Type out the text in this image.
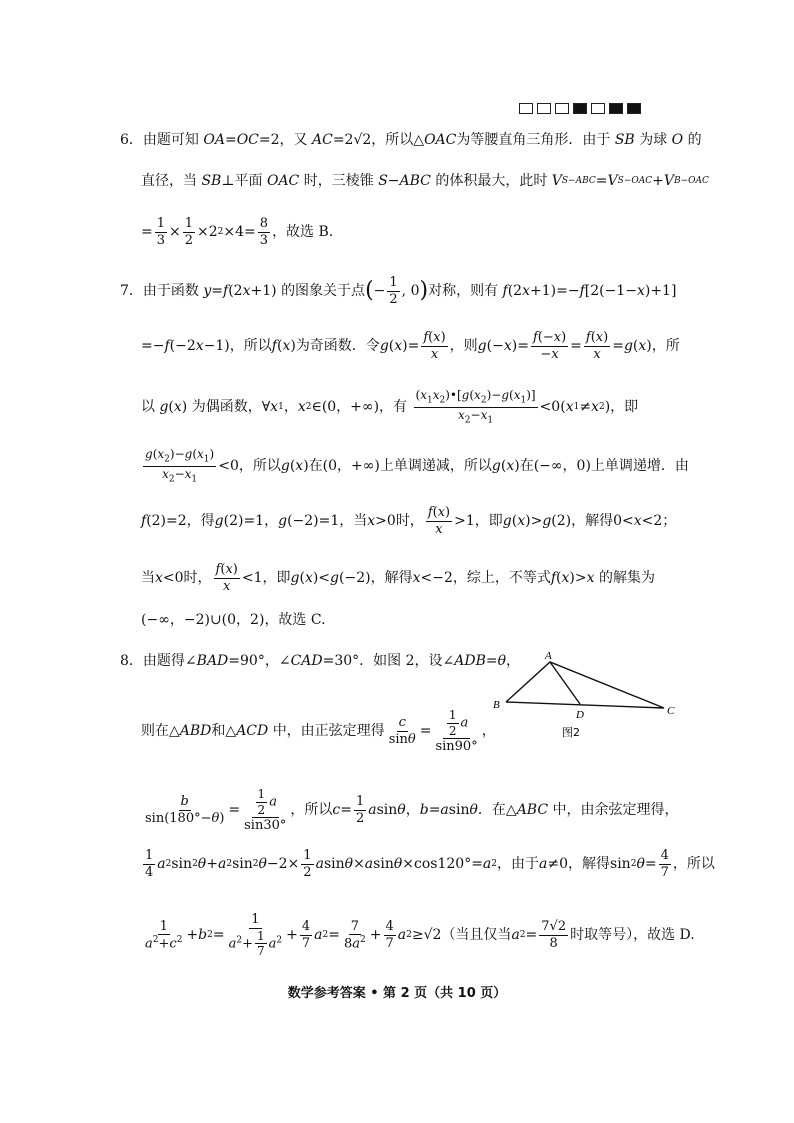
6． 由题可知
OA = OC =2 ，又
AC =2√2 ，所以△ OAC 为等腰直角三角形．由于
SB
为球
O
的
直径，当
SB ⊥ 平面
OAC
时，三棱锥
S − ABC
的体积最大，此时
V S−ABC = V S−OAC + V B−OAC
= $\frac{1}{3} \times \frac{1}{2} \times 2$ $2 \times 4= \frac{8}{3}$ ，故选 B.
7． 由于函数
y = f (2 x +1) 的图象关于点 ( − $\frac{1}{2}$ , 0 ) 对称，则有
f (2 x +1)=− f [2(−1− x )+1]
=− f (−2 x −1) ，所以 f ( x ) 为奇函数．令 g ( x )= $\frac{f(x)}{x}$ ，则 g (− x )= $\frac{f(-x)}{-x} = \frac{f(x)}{x} = g$ ( x ) ，所
以
g ( x ) 为偶函数， ∀ x 1 ， x 2 ∈(0，+∞) ，有
$\frac{(x_1x_2)•[g(x_2)-g(x_1)]}{x_2-x_1} <0$( x 1 ≠ x 2 ) ，即
$\frac{g(x_2)-g(x_1)}{x_2-x_1} <0$ ，所以 g ( x )在(0，+∞) 上单调递减，所以 g ( x )在(−∞，0) 上单调递增．由
f (2)=2 ，得 g (2)=1， g (−2)=1 ，当 x >0 时， $\frac{f(x)}{x} >1$ ，即 g ( x )> g (2) ，解得 0< x <2；
当 x <0 时， $\frac{f(x)}{x} <1$ ，即 g ( x )< g (−2) ，解得 x <−2 ，综上，不等式 f ( x )> x
的解集为
(−∞，−2)∪(0，2) ，故选 C.
8． 由题得 ∠ BAD =90° ， ∠ CAD =30° ．如图 2，设 ∠ ADB = θ ，
则在△ ABD 和△ ACD
中，由正弦定理得 $\frac{c}{\sin\theta} = \frac{\frac{1}{2} a}{\sin 90^\circ}$ ，
$\frac{b}{\sin(180^\circ-\theta)} = \frac{\frac{1}{2} a}{\sin 30^\circ}$ ，所以 $c = \frac{1}{2}$ a sin θ ， b = a sin θ ．在△ ABC
中，由余弦定理得，
$\frac{1}{4}$ a 2 sin 2 θ + a 2 sin 2 $\theta -2\times \frac{1}{2}$ a sin θ × a sin θ ×cos120°= a 2 ，由于 a ≠0 ，解得 sin 2 $\theta = \frac{4}{7}$ ，所以
$\frac{1}{a^2+c^2} + b$ $2 = \frac{1}{a^2+ \frac{1}{7} a^2} + \frac{4}{7}$ a $2 = \frac{7}{8a^2} + \frac{4}{7}$ a 2 ≥√2 （当且仅当 a $2 = \frac{7√2}{8}$ 时取等号），故选 D.
A
B	C
D
图2
数学参考答案 • 第 2 页（共 10 页）
